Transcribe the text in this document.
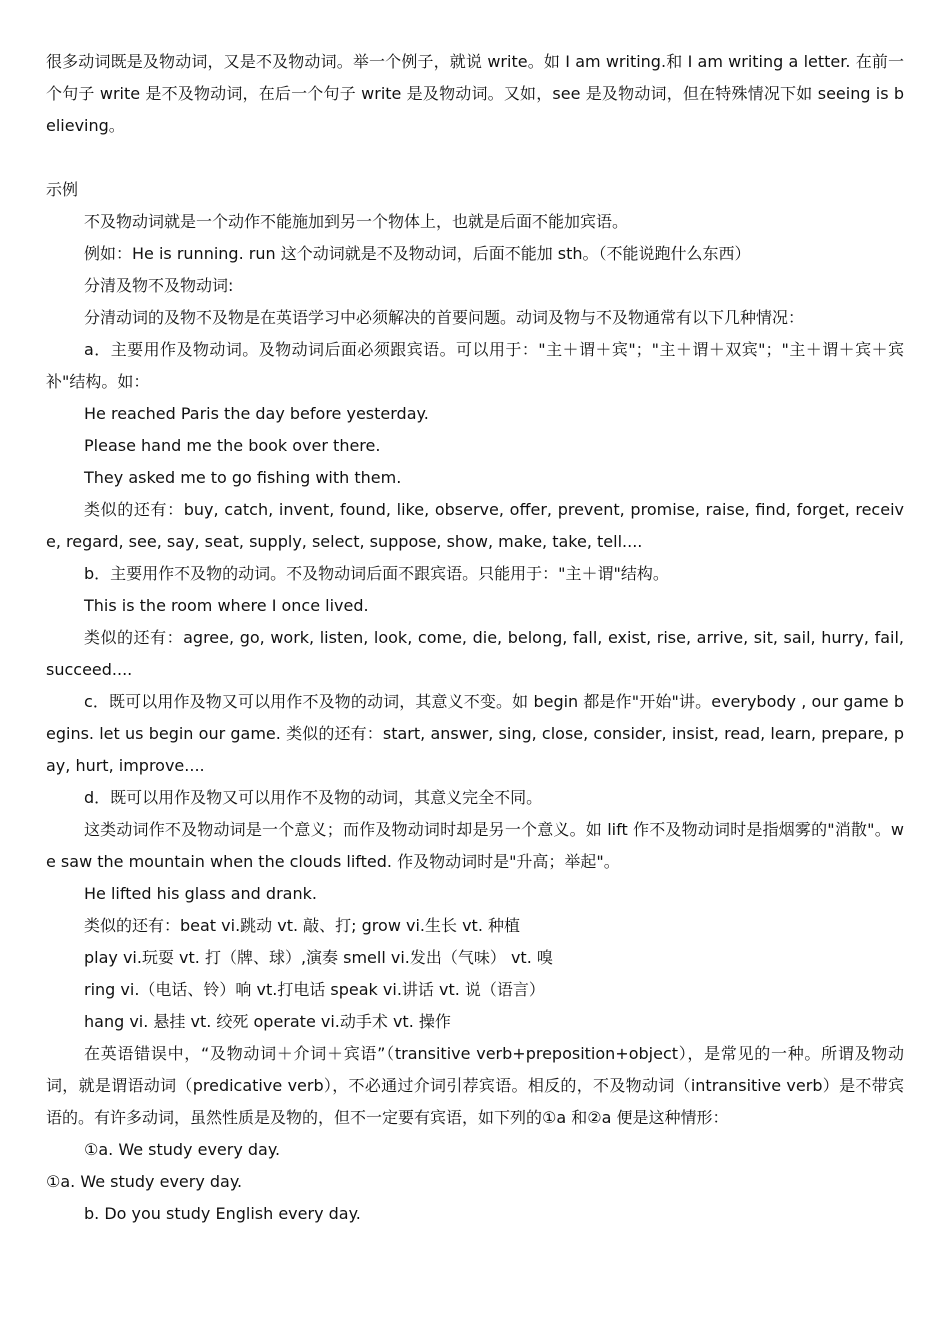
很多动词既是及物动词，又是不及物动词。举一个例子，就说 write。如 I am writing.和 I am writing a letter. 在前一个句子 write 是不及物动词，在后一个句子 write 是及物动词。又如，see 是及物动词，但在特殊情况下如 seeing is believing。

示例

不及物动词就是一个动作不能施加到另一个物体上，也就是后面不能加宾语。

例如：He is running. run 这个动词就是不及物动词，后面不能加 sth。（不能说跑什么东西）

分清及物不及物动词:

分清动词的及物不及物是在英语学习中必须解决的首要问题。动词及物与不及物通常有以下几种情况：

a．主要用作及物动词。及物动词后面必须跟宾语。可以用于："主＋谓＋宾"；"主＋谓＋双宾"；"主＋谓＋宾＋宾补"结构。如：

He reached Paris the day before yesterday.

Please hand me the book over there.

They asked me to go fishing with them.

类似的还有：buy, catch, invent, found, like, observe, offer, prevent, promise, raise, find, forget, receive, regard, see, say, seat, supply, select, suppose, show, make, take, tell....

b．主要用作不及物的动词。不及物动词后面不跟宾语。只能用于："主＋谓"结构。

This is the room where I once lived.

类似的还有：agree, go, work, listen, look, come, die, belong, fall, exist, rise, arrive, sit, sail, hurry, fail, succeed....

c．既可以用作及物又可以用作不及物的动词，其意义不变。如 begin 都是作"开始"讲。everybody , our game begins. let us begin our game. 类似的还有：start, answer, sing, close, consider, insist, read, learn, prepare, pay, hurt, improve....

d．既可以用作及物又可以用作不及物的动词，其意义完全不同。

这类动词作不及物动词是一个意义；而作及物动词时却是另一个意义。如 lift 作不及物动词时是指烟雾的"消散"。we saw the mountain when the clouds lifted. 作及物动词时是"升高；举起"。

He lifted his glass and drank.

类似的还有：beat vi.跳动 vt. 敲、打; grow vi.生长 vt. 种植

play vi.玩耍 vt. 打（牌、球）,演奏 smell vi.发出（气味） vt. 嗅

ring vi.（电话、铃）响 vt.打电话 speak vi.讲话 vt. 说（语言）

hang vi. 悬挂 vt. 绞死 operate vi.动手术 vt. 操作

在英语错误中，“及物动词＋介词＋宾语”（transitive verb+preposition+object），是常见的一种。所谓及物动词，就是谓语动词（predicative verb），不必通过介词引荐宾语。相反的，不及物动词（intransitive verb）是不带宾语的。有许多动词，虽然性质是及物的，但不一定要有宾语，如下列的①a 和②a 便是这种情形：

①a. We study every day.

①a. We study every day.

b. Do you study English every day.
